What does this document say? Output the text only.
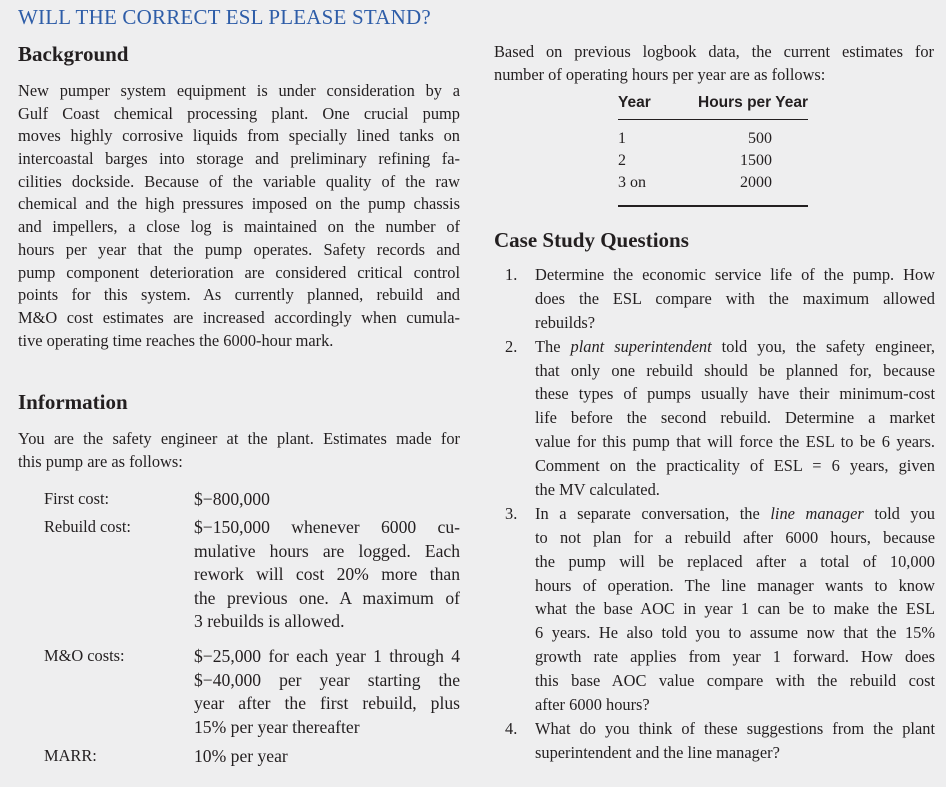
WILL THE CORRECT ESL PLEASE STAND?
Background
New pumper system equipment is under consideration by a
Gulf Coast chemical processing plant. One crucial pump
moves highly corrosive liquids from specially lined tanks on
intercoastal barges into storage and preliminary refining fa-
cilities dockside. Because of the variable quality of the raw
chemical and the high pressures imposed on the pump chassis
and impellers, a close log is maintained on the number of
hours per year that the pump operates. Safety records and
pump component deterioration are considered critical control
points for this system. As currently planned, rebuild and
M&O cost estimates are increased accordingly when cumula-
tive operating time reaches the 6000-hour mark.
Information
You are the safety engineer at the plant. Estimates made for
this pump are as follows:
First cost:	$−800,000
Rebuild cost:	$−150,000 whenever 6000 cu-
mulative hours are logged. Each
rework will cost 20% more than
the previous one. A maximum of
3 rebuilds is allowed.
M&O costs:	$−25,000 for each year 1 through 4
$−40,000 per year starting the
year after the first rebuild, plus
15% per year thereafter
MARR:	10% per year
Based on previous logbook data, the current estimates for
number of operating hours per year are as follows:
Year	Hours per Year
1	500
2	1500
3 on	2000
Case Study Questions
1. Determine the economic service life of the pump. How
does the ESL compare with the maximum allowed
rebuilds?
2. The plant superintendent told you, the safety engineer,
that only one rebuild should be planned for, because
these types of pumps usually have their minimum-cost
life before the second rebuild. Determine a market
value for this pump that will force the ESL to be 6 years.
Comment on the practicality of ESL = 6 years, given
the MV calculated.
3. In a separate conversation, the line manager told you
to not plan for a rebuild after 6000 hours, because
the pump will be replaced after a total of 10,000
hours of operation. The line manager wants to know
what the base AOC in year 1 can be to make the ESL
6 years. He also told you to assume now that the 15%
growth rate applies from year 1 forward. How does
this base AOC value compare with the rebuild cost
after 6000 hours?
4. What do you think of these suggestions from the plant
superintendent and the line manager?
